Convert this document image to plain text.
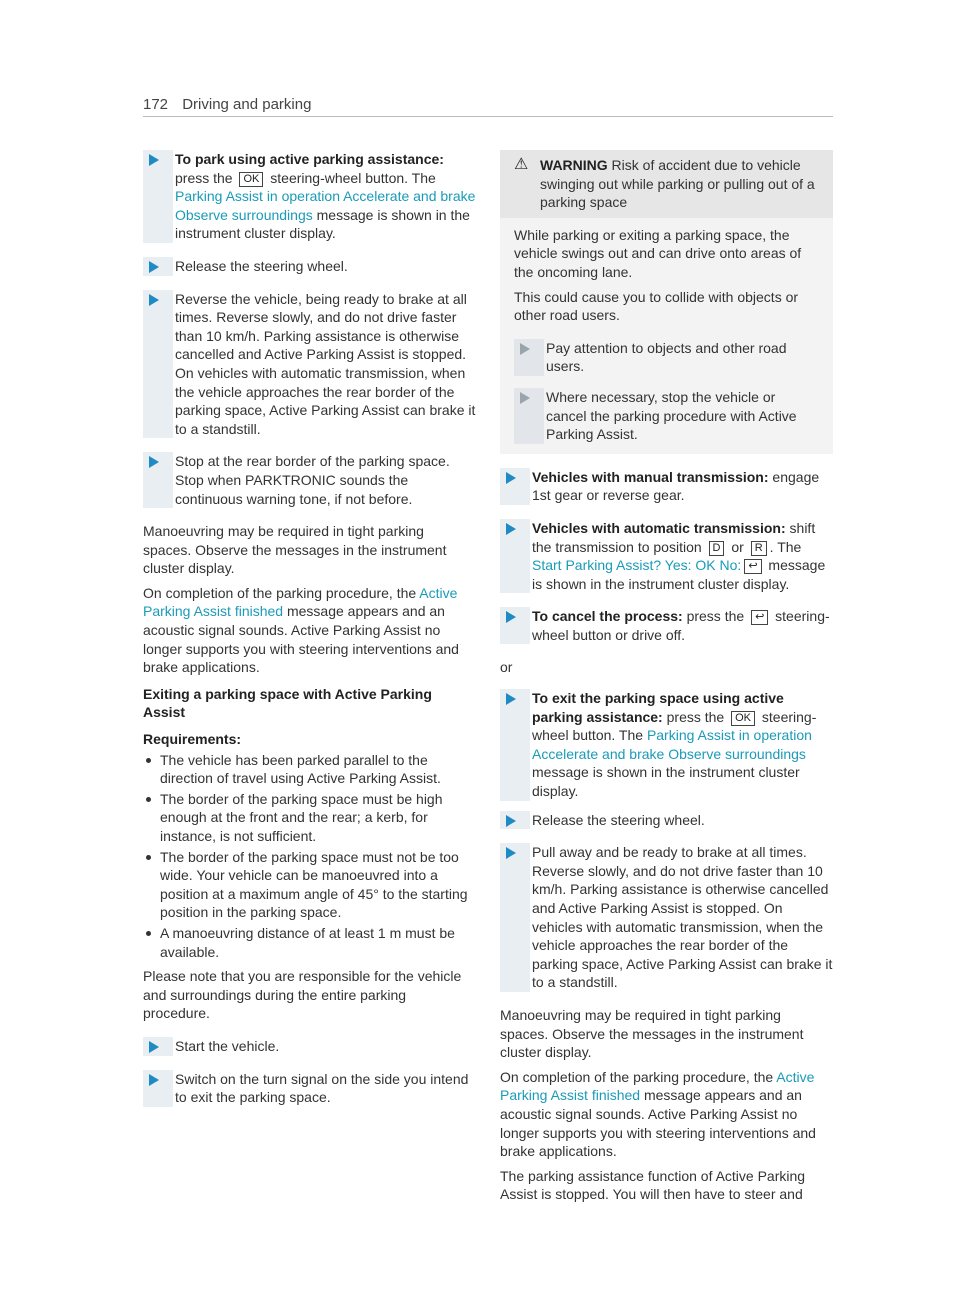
172 Driving and parking
To park using active parking assistance: press the OK steering-wheel button. The Parking Assist in operation Accelerate and brake Observe surroundings message is shown in the instrument cluster display.
Release the steering wheel.
Reverse the vehicle, being ready to brake at all times. Reverse slowly, and do not drive faster than 10 km/h. Parking assistance is otherwise cancelled and Active Parking Assist is stopped. On vehicles with automatic transmission, when the vehicle approaches the rear border of the parking space, Active Parking Assist can brake it to a standstill.
Stop at the rear border of the parking space. Stop when PARKTRONIC sounds the continuous warning tone, if not before.

Manoeuvring may be required in tight parking spaces. Observe the messages in the instrument cluster display.

On completion of the parking procedure, the Active Parking Assist finished message appears and an acoustic signal sounds. Active Parking Assist no longer supports you with steering interventions and brake applications.

Exiting a parking space with Active Parking Assist
Requirements:
The vehicle has been parked parallel to the direction of travel using Active Parking Assist.
The border of the parking space must be high enough at the front and the rear; a kerb, for instance, is not sufficient.
The border of the parking space must not be too wide. Your vehicle can be manoeuvred into a position at a maximum angle of 45° to the starting position in the parking space.
A manoeuvring distance of at least 1 m must be available.

Please note that you are responsible for the vehicle and surroundings during the entire parking procedure.

Start the vehicle.
Switch on the turn signal on the side you intend to exit the parking space.
⚠ WARNING Risk of accident due to vehicle swinging out while parking or pulling out of a parking space

While parking or exiting a parking space, the vehicle swings out and can drive onto areas of the oncoming lane.

This could cause you to collide with objects or other road users.

Pay attention to objects and other road users.
Where necessary, stop the vehicle or cancel the parking procedure with Active Parking Assist.
Vehicles with manual transmission: engage 1st gear or reverse gear.
Vehicles with automatic transmission: shift the transmission to position D or R . The Start Parking Assist? Yes: OK No: ↩ message is shown in the instrument cluster display.
To cancel the process: press the ↩ steering-wheel button or drive off.
or
To exit the parking space using active parking assistance: press the OK steering-wheel button. The Parking Assist in operation Accelerate and brake Observe surroundings message is shown in the instrument cluster display.
Release the steering wheel.
Pull away and be ready to brake at all times. Reverse slowly, and do not drive faster than 10 km/h. Parking assistance is otherwise cancelled and Active Parking Assist is stopped. On vehicles with automatic transmission, when the vehicle approaches the rear border of the parking space, Active Parking Assist can brake it to a standstill.

Manoeuvring may be required in tight parking spaces. Observe the messages in the instrument cluster display.

On completion of the parking procedure, the Active Parking Assist finished message appears and an acoustic signal sounds. Active Parking Assist no longer supports you with steering interventions and brake applications.

The parking assistance function of Active Parking Assist is stopped. You will then have to steer and
